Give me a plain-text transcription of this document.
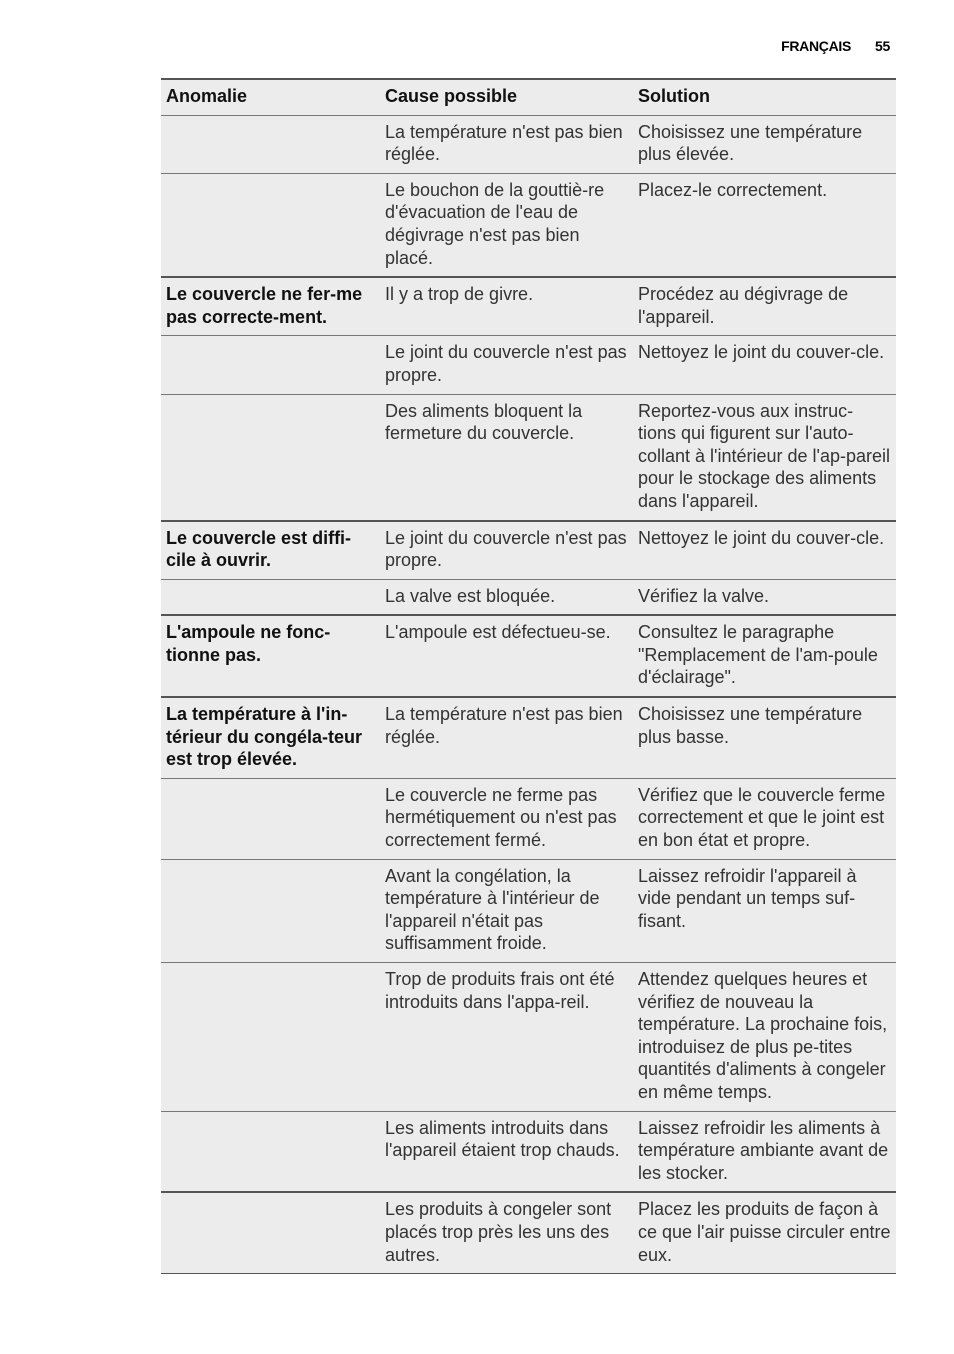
FRANÇAIS 55
Anomalie	Cause possible	Solution
	La température n'est pas bien réglée.	Choisissez une température plus élevée.
	Le bouchon de la gouttiè-re d'évacuation de l'eau de dégivrage n'est pas bien placé.	Placez-le correctement.
Le couvercle ne fer-me pas correcte-ment.	Il y a trop de givre.	Procédez au dégivrage de l'appareil.
	Le joint du couvercle n'est pas propre.	Nettoyez le joint du couver-cle.
	Des aliments bloquent la fermeture du couvercle.	Reportez-vous aux instruc-tions qui figurent sur l'auto-collant à l'intérieur de l'ap-pareil pour le stockage des aliments dans l'appareil.
Le couvercle est diffi-cile à ouvrir.	Le joint du couvercle n'est pas propre.	Nettoyez le joint du couver-cle.
	La valve est bloquée.	Vérifiez la valve.
L'ampoule ne fonc-tionne pas.	L'ampoule est défectueu-se.	Consultez le paragraphe "Remplacement de l'am-poule d'éclairage".
La température à l'in-térieur du congéla-teur est trop élevée.	La température n'est pas bien réglée.	Choisissez une température plus basse.
	Le couvercle ne ferme pas hermétiquement ou n'est pas correctement fermé.	Vérifiez que le couvercle ferme correctement et que le joint est en bon état et propre.
	Avant la congélation, la température à l'intérieur de l'appareil n'était pas suffisamment froide.	Laissez refroidir l'appareil à vide pendant un temps suf-fisant.
	Trop de produits frais ont été introduits dans l'appa-reil.	Attendez quelques heures et vérifiez de nouveau la température. La prochaine fois, introduisez de plus pe-tites quantités d'aliments à congeler en même temps.
	Les aliments introduits dans l'appareil étaient trop chauds.	Laissez refroidir les aliments à température ambiante avant de les stocker.
	Les produits à congeler sont placés trop près les uns des autres.	Placez les produits de façon à ce que l'air puisse circuler entre eux.
